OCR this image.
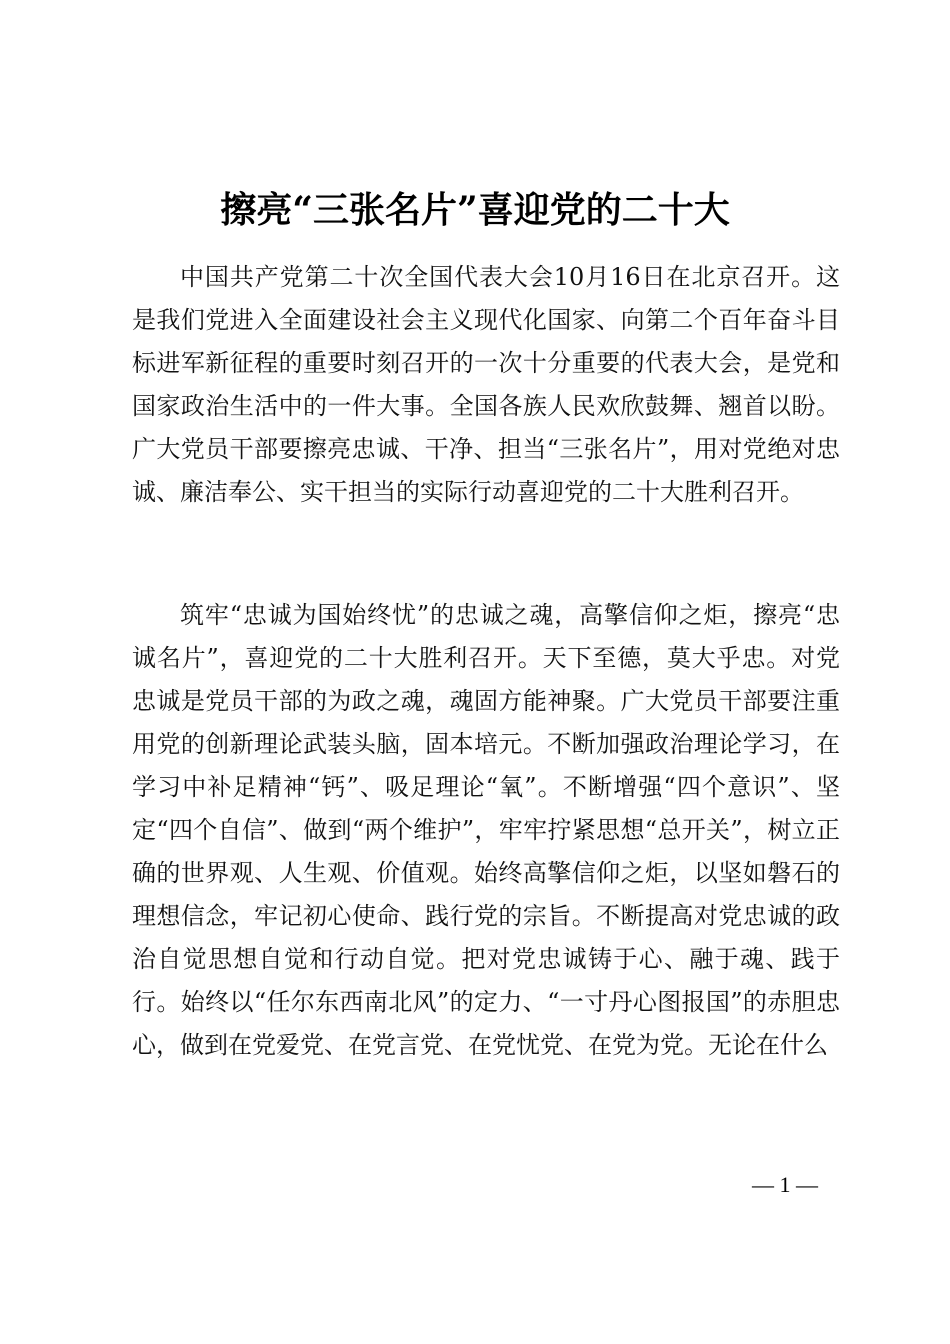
擦亮“三张名片”喜迎党的二十大

中国共产党第二十次全国代表大会10月16日在北京召开。这是我们党进入全面建设社会主义现代化国家、向第二个百年奋斗目标进军新征程的重要时刻召开的一次十分重要的代表大会，是党和国家政治生活中的一件大事。全国各族人民欢欣鼓舞、翘首以盼。广大党员干部要擦亮忠诚、干净、担当“三张名片”，用对党绝对忠诚、廉洁奉公、实干担当的实际行动喜迎党的二十大胜利召开。

筑牢“忠诚为国始终忧”的忠诚之魂，高擎信仰之炬，擦亮“忠诚名片”，喜迎党的二十大胜利召开。天下至德，莫大乎忠。对党忠诚是党员干部的为政之魂，魂固方能神聚。广大党员干部要注重用党的创新理论武装头脑，固本培元。不断加强政治理论学习，在学习中补足精神“钙”、吸足理论“氧”。不断增强“四个意识”、坚定“四个自信”、做到“两个维护”，牢牢拧紧思想“总开关”，树立正确的世界观、人生观、价值观。始终高擎信仰之炬，以坚如磐石的理想信念，牢记初心使命、践行党的宗旨。不断提高对党忠诚的政治自觉思想自觉和行动自觉。把对党忠诚铸于心、融于魂、践于行。始终以“任尔东西南北风”的定力、“一寸丹心图报国”的赤胆忠心，做到在党爱党、在党言党、在党忧党、在党为党。无论在什么

— 1 —
